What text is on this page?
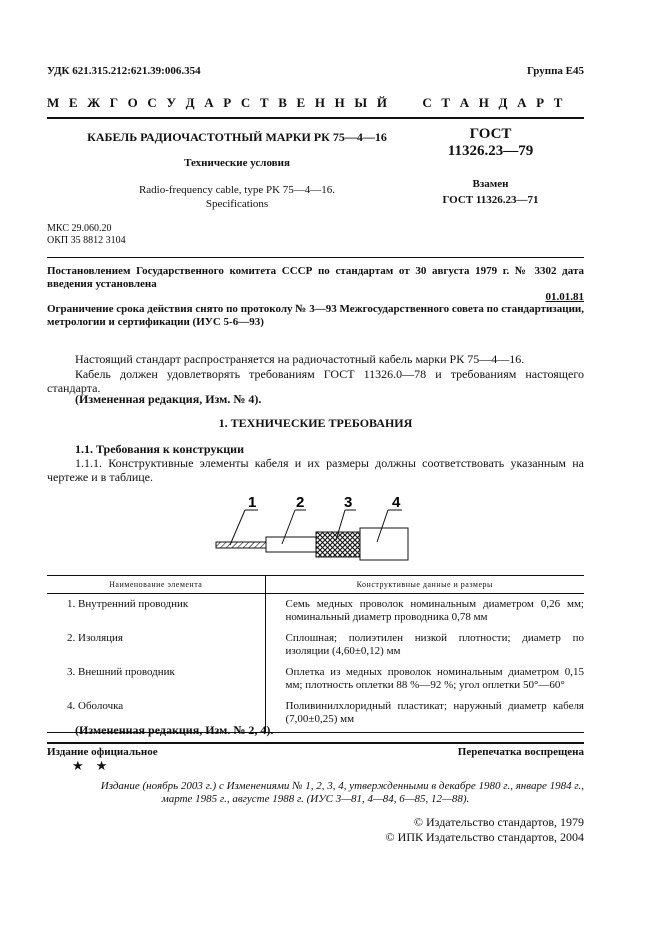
УДК 621.315.212:621.39:006.354	Группа Е45
М Е Ж Г О С У Д А Р С Т В Е Н Н Ы Й     С Т А Н Д А Р Т
КАБЕЛЬ РАДИОЧАСТОТНЫЙ МАРКИ РК 75—4—16
Технические условия
Radio-frequency cable, type PK 75—4—16.
Specifications
ГОСТ
11326.23—79
Взамен
ГОСТ 11326.23—71
МКС 29.060.20
ОКП 35 8812 3104
Постановлением Государственного комитета СССР по стандартам от 30 августа 1979 г. № 3302 дата введения установлена
01.01.81
Ограничение срока действия снято по протоколу № 3—93 Межгосударственного совета по стандартизации, метрологии и сертификации (ИУС 5-6—93)
Настоящий стандарт распространяется на радиочастотный кабель марки РК 75—4—16.
Кабель должен удовлетворять требованиям ГОСТ 11326.0—78 и требованиям настоящего стандарта.
(Измененная редакция, Изм. № 4).
1. ТЕХНИЧЕСКИЕ ТРЕБОВАНИЯ
1.1. Требования к конструкции
1.1.1. Конструктивные элементы кабеля и их размеры должны соответствовать указанным на чертеже и в таблице.
1	2	3	4
Наименование элемента	Конструктивные данные и размеры
1. Внутренний проводник	Семь медных проволок номинальным диаметром 0,26 мм; номинальный диаметр проводника 0,78 мм
2. Изоляция	Сплошная; полиэтилен низкой плотности; диаметр по изоляции (4,60±0,12) мм
3. Внешний проводник	Оплетка из медных проволок номинальным диаметром 0,15 мм; плотность оплетки 88 %—92 %; угол оплетки 50°—60°
4. Оболочка	Поливинилхлоридный пластикат; наружный диаметр кабеля (7,00±0,25) мм
(Измененная редакция, Изм. № 2, 4).
Издание официальное	Перепечатка воспрещена
★ ★
Издание (ноябрь 2003 г.) с Изменениями № 1, 2, 3, 4, утвержденными в декабре 1980 г., январе 1984 г.,
марте 1985 г., августе 1988 г. (ИУС 3—81, 4—84, 6—85, 12—88).
© Издательство стандартов, 1979
© ИПК Издательство стандартов, 2004
